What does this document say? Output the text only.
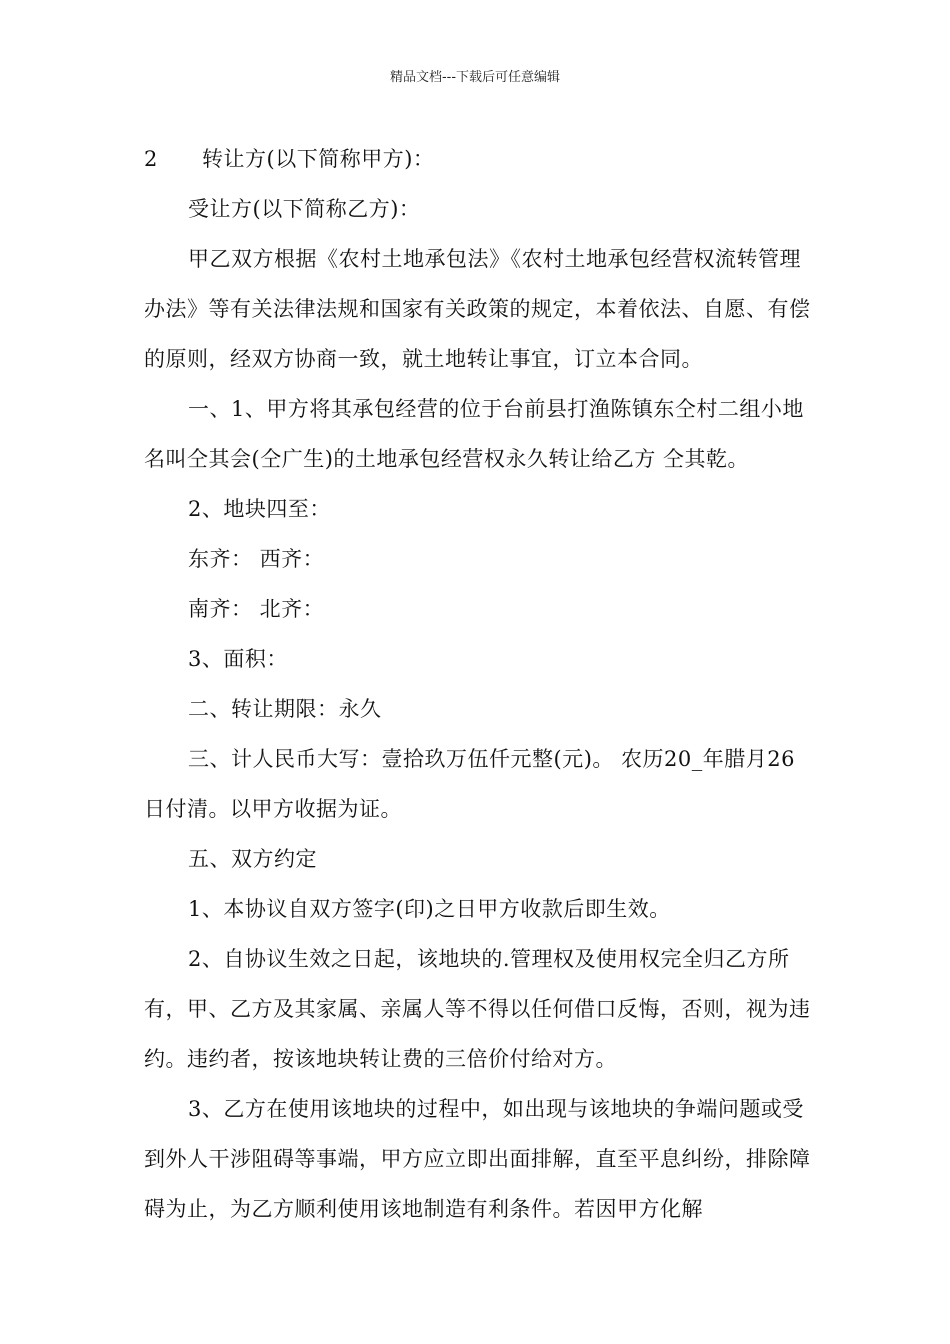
精品文档---下载后可任意编辑

2 转让方(以下简称甲方)：

受让方(以下简称乙方)：

甲乙双方根据《农村土地承包法》《农村土地承包经营权流转管理办法》等有关法律法规和国家有关政策的规定，本着依法、自愿、有偿的原则，经双方协商一致，就土地转让事宜，订立本合同。

一、1、甲方将其承包经营的位于台前县打渔陈镇东仝村二组小地名叫仝其会(仝广生)的土地承包经营权永久转让给乙方 仝其乾。

2、地块四至：

东齐： 西齐：

南齐： 北齐：

3、面积：

二、转让期限：永久

三、计人民币大写：壹拾玖万伍仟元整(元)。 农历20_年腊月26日付清。以甲方收据为证。

五、双方约定

1、本协议自双方签字(印)之日甲方收款后即生效。

2、自协议生效之日起，该地块的.管理权及使用权完全归乙方所有，甲、乙方及其家属、亲属人等不得以任何借口反悔，否则，视为违约。违约者，按该地块转让费的三倍价付给对方。

3、乙方在使用该地块的过程中，如出现与该地块的争端问题或受到外人干涉阻碍等事端，甲方应立即出面排解，直至平息纠纷，排除障碍为止，为乙方顺利使用该地制造有利条件。若因甲方化解
